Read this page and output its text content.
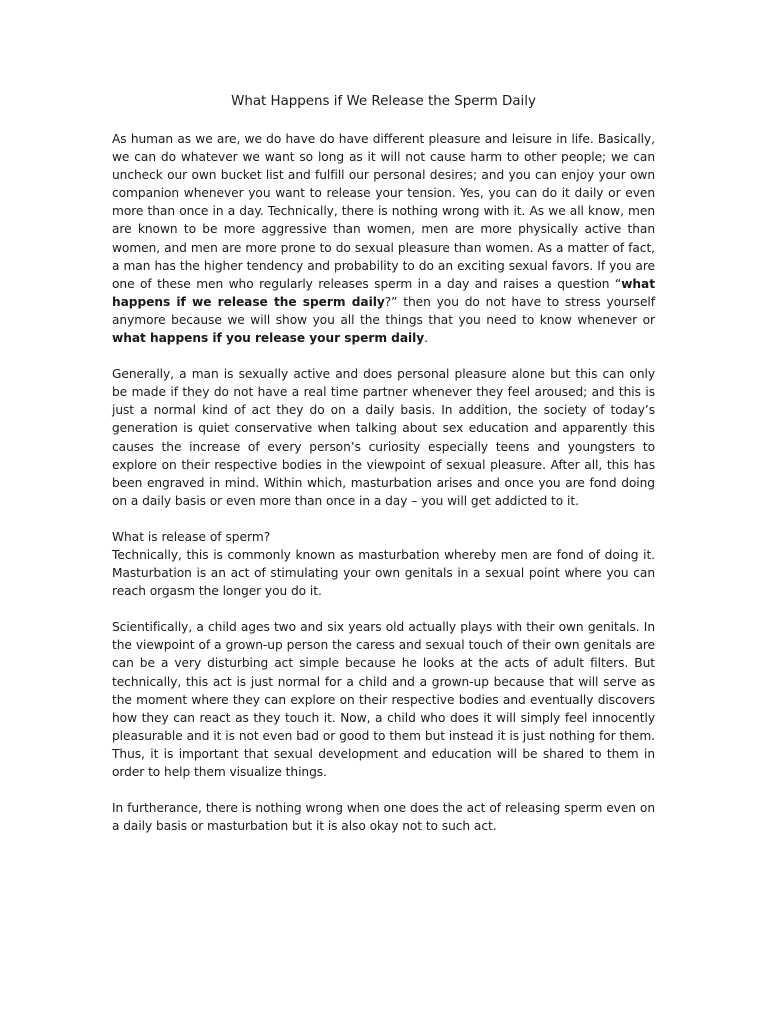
What Happens if We Release the Sperm Daily

As human as we are, we do have do have different pleasure and leisure in life. Basically, we can do whatever we want so long as it will not cause harm to other people; we can uncheck our own bucket list and fulfill our personal desires; and you can enjoy your own companion whenever you want to release your tension. Yes, you can do it daily or even more than once in a day. Technically, there is nothing wrong with it. As we all know, men are known to be more aggressive than women, men are more physically active than women, and men are more prone to do sexual pleasure than women. As a matter of fact, a man has the higher tendency and probability to do an exciting sexual favors. If you are one of these men who regularly releases sperm in a day and raises a question “what happens if we release the sperm daily?” then you do not have to stress yourself anymore because we will show you all the things that you need to know whenever or what happens if you release your sperm daily.

Generally, a man is sexually active and does personal pleasure alone but this can only be made if they do not have a real time partner whenever they feel aroused; and this is just a normal kind of act they do on a daily basis. In addition, the society of today’s generation is quiet conservative when talking about sex education and apparently this causes the increase of every person’s curiosity especially teens and youngsters to explore on their respective bodies in the viewpoint of sexual pleasure. After all, this has been engraved in mind. Within which, masturbation arises and once you are fond doing on a daily basis or even more than once in a day – you will get addicted to it.

What is release of sperm?

Technically, this is commonly known as masturbation whereby men are fond of doing it. Masturbation is an act of stimulating your own genitals in a sexual point where you can reach orgasm the longer you do it.

Scientifically, a child ages two and six years old actually plays with their own genitals. In the viewpoint of a grown-up person the caress and sexual touch of their own genitals are can be a very disturbing act simple because he looks at the acts of adult filters. But technically, this act is just normal for a child and a grown-up because that will serve as the moment where they can explore on their respective bodies and eventually discovers how they can react as they touch it. Now, a child who does it will simply feel innocently pleasurable and it is not even bad or good to them but instead it is just nothing for them. Thus, it is important that sexual development and education will be shared to them in order to help them visualize things.

In furtherance, there is nothing wrong when one does the act of releasing sperm even on a daily basis or masturbation but it is also okay not to such act.
